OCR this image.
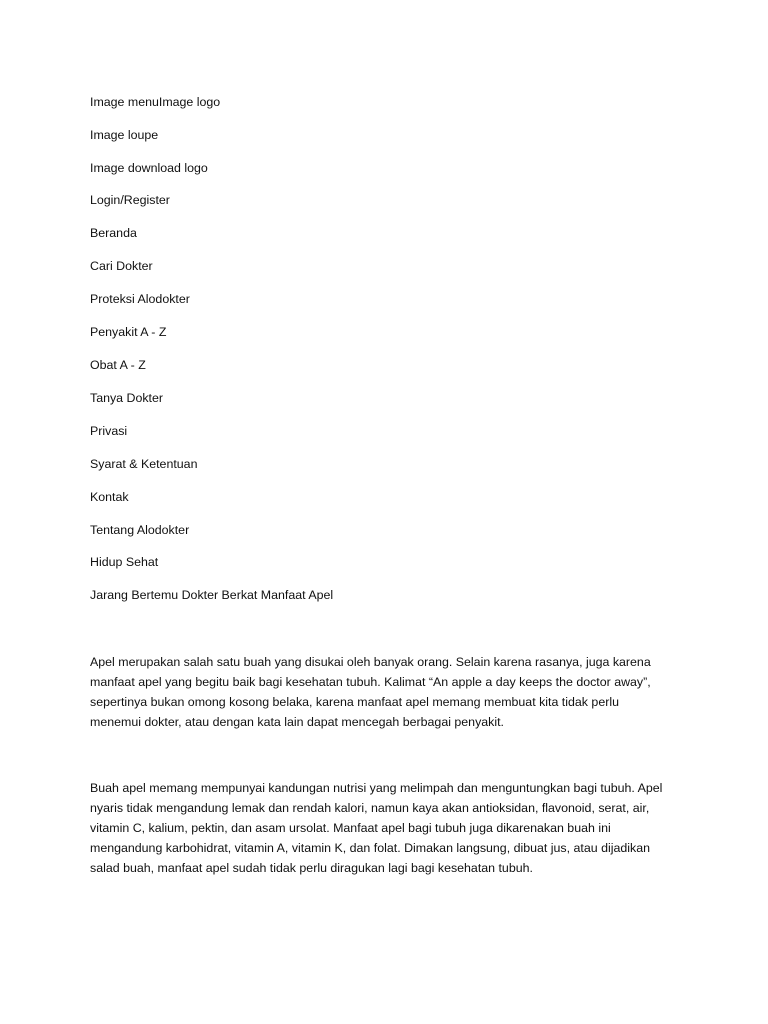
Image menuImage logo
Image loupe
Image download logo
Login/Register
Beranda
Cari Dokter
Proteksi Alodokter
Penyakit A - Z
Obat A - Z
Tanya Dokter
Privasi
Syarat & Ketentuan
Kontak
Tentang Alodokter
Hidup Sehat
Jarang Bertemu Dokter Berkat Manfaat Apel
Apel merupakan salah satu buah yang disukai oleh banyak orang. Selain karena rasanya, juga karena
manfaat apel yang begitu baik bagi kesehatan tubuh. Kalimat “An apple a day keeps the doctor away”,
sepertinya bukan omong kosong belaka, karena manfaat apel memang membuat kita tidak perlu
menemui dokter, atau dengan kata lain dapat mencegah berbagai penyakit.
Buah apel memang mempunyai kandungan nutrisi yang melimpah dan menguntungkan bagi tubuh. Apel
nyaris tidak mengandung lemak dan rendah kalori, namun kaya akan antioksidan, flavonoid, serat, air,
vitamin C, kalium, pektin, dan asam ursolat. Manfaat apel bagi tubuh juga dikarenakan buah ini
mengandung karbohidrat, vitamin A, vitamin K, dan folat. Dimakan langsung, dibuat jus, atau dijadikan
salad buah, manfaat apel sudah tidak perlu diragukan lagi bagi kesehatan tubuh.
